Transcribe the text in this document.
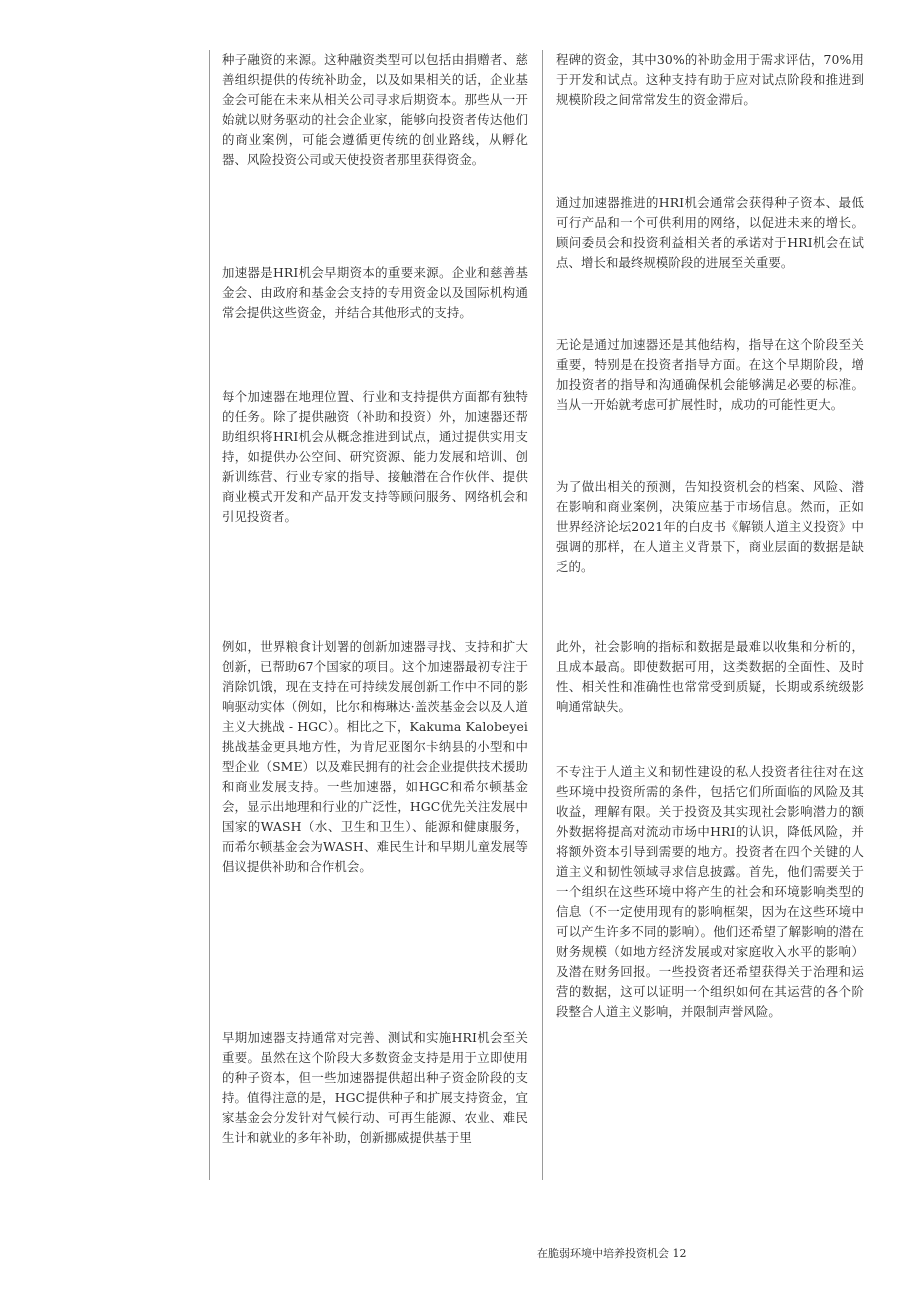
种子融资的来源。这种融资类型可以包括由捐赠者、慈善组织提供的传统补助金，以及如果相关的话，企业基金会可能在未来从相关公司寻求后期资本。那些从一开始就以财务驱动的社会企业家，能够向投资者传达他们的商业案例，可能会遵循更传统的创业路线，从孵化器、风险投资公司或天使投资者那里获得资金。

加速器是HRI机会早期资本的重要来源。企业和慈善基金会、由政府和基金会支持的专用资金以及国际机构通常会提供这些资金，并结合其他形式的支持。

每个加速器在地理位置、行业和支持提供方面都有独特的任务。除了提供融资（补助和投资）外，加速器还帮助组织将HRI机会从概念推进到试点，通过提供实用支持，如提供办公空间、研究资源、能力发展和培训、创新训练营、行业专家的指导、接触潜在合作伙伴、提供商业模式开发和产品开发支持等顾问服务、网络机会和引见投资者。

例如，世界粮食计划署的创新加速器寻找、支持和扩大创新，已帮助67个国家的项目。这个加速器最初专注于消除饥饿，现在支持在可持续发展创新工作中不同的影响驱动实体（例如，比尔和梅琳达·盖茨基金会以及人道主义大挑战 - HGC）。相比之下，Kakuma Kalobeyei挑战基金更具地方性，为肯尼亚图尔卡纳县的小型和中型企业（SME）以及难民拥有的社会企业提供技术援助和商业发展支持。一些加速器，如HGC和希尔顿基金会，显示出地理和行业的广泛性，HGC优先关注发展中国家的WASH（水、卫生和卫生）、能源和健康服务，而希尔顿基金会为WASH、难民生计和早期儿童发展等倡议提供补助和合作机会。

早期加速器支持通常对完善、测试和实施HRI机会至关重要。虽然在这个阶段大多数资金支持是用于立即使用的种子资本，但一些加速器提供超出种子资金阶段的支持。值得注意的是，HGC提供种子和扩展支持资金，宜家基金会分发针对气候行动、可再生能源、农业、难民生计和就业的多年补助，创新挪威提供基于里

程碑的资金，其中30%的补助金用于需求评估，70%用于开发和试点。这种支持有助于应对试点阶段和推进到规模阶段之间常常发生的资金滞后。

通过加速器推进的HRI机会通常会获得种子资本、最低可行产品和一个可供利用的网络，以促进未来的增长。顾问委员会和投资利益相关者的承诺对于HRI机会在试点、增长和最终规模阶段的进展至关重要。

无论是通过加速器还是其他结构，指导在这个阶段至关重要，特别是在投资者指导方面。在这个早期阶段，增加投资者的指导和沟通确保机会能够满足必要的标准。当从一开始就考虑可扩展性时，成功的可能性更大。

为了做出相关的预测，告知投资机会的档案、风险、潜在影响和商业案例，决策应基于市场信息。然而，正如世界经济论坛2021年的白皮书《解锁人道主义投资》中强调的那样，在人道主义背景下，商业层面的数据是缺乏的。

此外，社会影响的指标和数据是最难以收集和分析的，且成本最高。即使数据可用，这类数据的全面性、及时性、相关性和准确性也常常受到质疑，长期或系统级影响通常缺失。

不专注于人道主义和韧性建设的私人投资者往往对在这些环境中投资所需的条件，包括它们所面临的风险及其收益，理解有限。关于投资及其实现社会影响潜力的额外数据将提高对流动市场中HRI的认识，降低风险，并将额外资本引导到需要的地方。投资者在四个关键的人道主义和韧性领域寻求信息披露。首先，他们需要关于一个组织在这些环境中将产生的社会和环境影响类型的信息（不一定使用现有的影响框架，因为在这些环境中可以产生许多不同的影响）。他们还希望了解影响的潜在财务规模（如地方经济发展或对家庭收入水平的影响）及潜在财务回报。一些投资者还希望获得关于治理和运营的数据，这可以证明一个组织如何在其运营的各个阶段整合人道主义影响，并限制声誉风险。

在脆弱环境中培养投资机会 12
